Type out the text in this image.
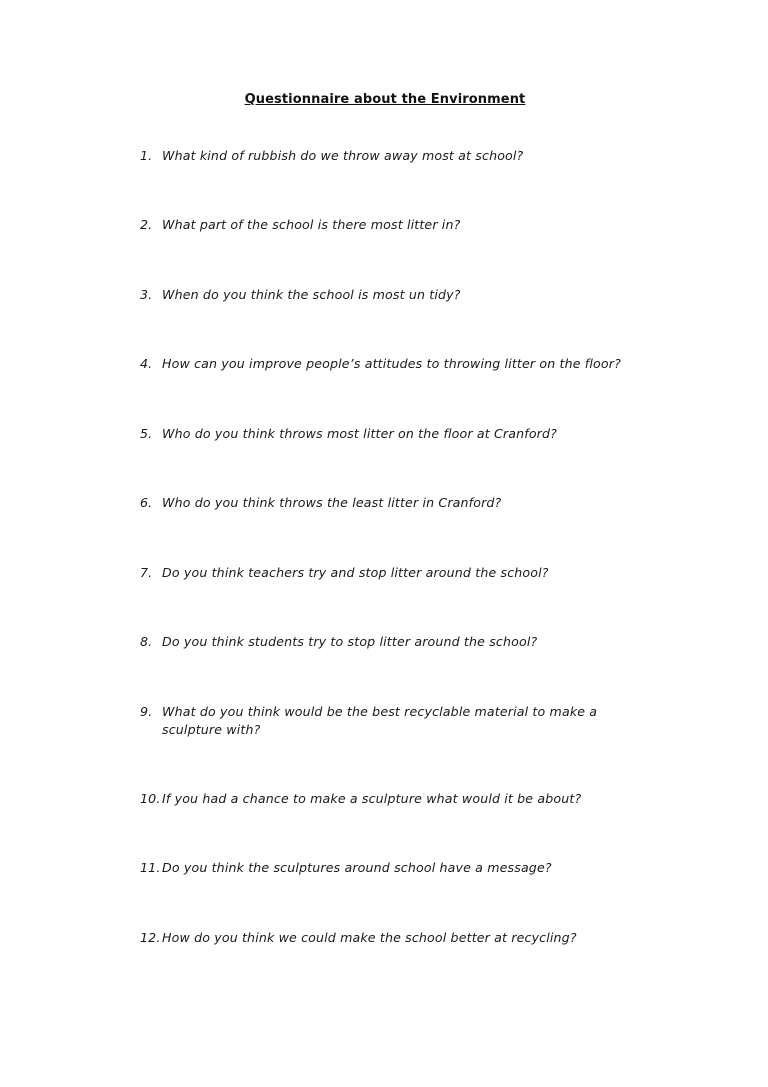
Questionnaire about the Environment
1. What kind of rubbish do we throw away most at school?
2. What part of the school is there most litter in?
3. When do you think the school is most un tidy?
4. How can you improve people’s attitudes to throwing litter on the floor?
5. Who do you think throws most litter on the floor at Cranford?
6. Who do you think throws the least litter in Cranford?
7. Do you think teachers try and stop litter around the school?
8. Do you think students try to stop litter around the school?
9. What do you think would be the best recyclable material to make a
sculpture with?
10. If you had a chance to make a sculpture what would it be about?
11. Do you think the sculptures around school have a message?
12. How do you think we could make the school better at recycling?
